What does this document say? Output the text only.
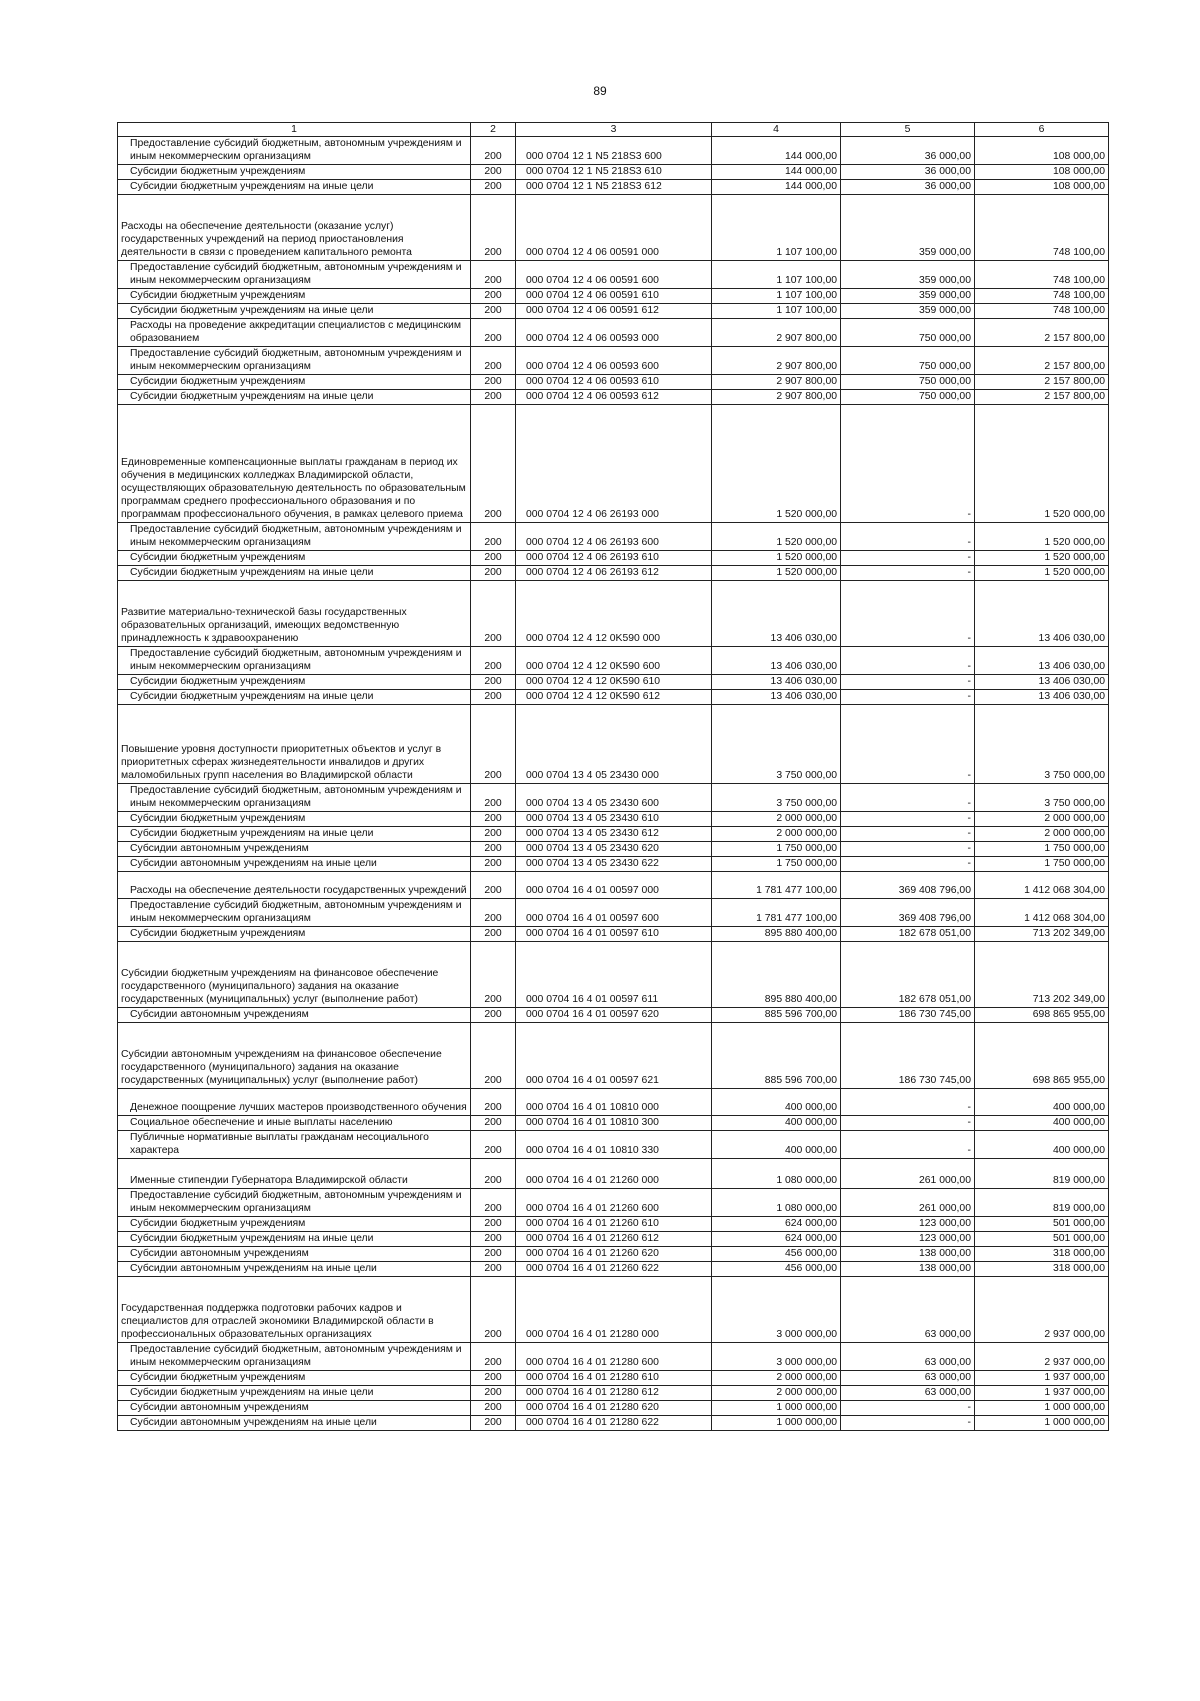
89
1	2	3	4	5	6
Предоставление субсидий бюджетным, автономным учреждениям и иным некоммерческим организациям	200	000 0704 12 1 N5 218S3 600	144 000,00	36 000,00	108 000,00
Субсидии бюджетным учреждениям	200	000 0704 12 1 N5 218S3 610	144 000,00	36 000,00	108 000,00
Субсидии бюджетным учреждениям на иные цели	200	000 0704 12 1 N5 218S3 612	144 000,00	36 000,00	108 000,00
Расходы на обеспечение деятельности (оказание услуг) государственных учреждений на период приостановления деятельности в связи с проведением капитального ремонта	200	000 0704 12 4 06 00591 000	1 107 100,00	359 000,00	748 100,00
Предоставление субсидий бюджетным, автономным учреждениям и иным некоммерческим организациям	200	000 0704 12 4 06 00591 600	1 107 100,00	359 000,00	748 100,00
Субсидии бюджетным учреждениям	200	000 0704 12 4 06 00591 610	1 107 100,00	359 000,00	748 100,00
Субсидии бюджетным учреждениям на иные цели	200	000 0704 12 4 06 00591 612	1 107 100,00	359 000,00	748 100,00
Расходы на проведение аккредитации специалистов с медицинским образованием	200	000 0704 12 4 06 00593 000	2 907 800,00	750 000,00	2 157 800,00
Предоставление субсидий бюджетным, автономным учреждениям и иным некоммерческим организациям	200	000 0704 12 4 06 00593 600	2 907 800,00	750 000,00	2 157 800,00
Субсидии бюджетным учреждениям	200	000 0704 12 4 06 00593 610	2 907 800,00	750 000,00	2 157 800,00
Субсидии бюджетным учреждениям на иные цели	200	000 0704 12 4 06 00593 612	2 907 800,00	750 000,00	2 157 800,00
Единовременные компенсационные выплаты гражданам в период их обучения в медицинских колледжах Владимирской области, осуществляющих образовательную деятельность по образовательным программам среднего профессионального образования и по программам профессионального обучения, в рамках целевого приема	200	000 0704 12 4 06 26193 000	1 520 000,00	-	1 520 000,00
Предоставление субсидий бюджетным, автономным учреждениям и иным некоммерческим организациям	200	000 0704 12 4 06 26193 600	1 520 000,00	-	1 520 000,00
Субсидии бюджетным учреждениям	200	000 0704 12 4 06 26193 610	1 520 000,00	-	1 520 000,00
Субсидии бюджетным учреждениям на иные цели	200	000 0704 12 4 06 26193 612	1 520 000,00	-	1 520 000,00
Развитие материально-технической базы государственных образовательных организаций, имеющих ведомственную принадлежность к здравоохранению	200	000 0704 12 4 12 0K590 000	13 406 030,00	-	13 406 030,00
Предоставление субсидий бюджетным, автономным учреждениям и иным некоммерческим организациям	200	000 0704 12 4 12 0K590 600	13 406 030,00	-	13 406 030,00
Субсидии бюджетным учреждениям	200	000 0704 12 4 12 0K590 610	13 406 030,00	-	13 406 030,00
Субсидии бюджетным учреждениям на иные цели	200	000 0704 12 4 12 0K590 612	13 406 030,00	-	13 406 030,00
Повышение уровня доступности приоритетных объектов и услуг в приоритетных сферах жизнедеятельности инвалидов и других маломобильных групп населения во Владимирской области	200	000 0704 13 4 05 23430 000	3 750 000,00	-	3 750 000,00
Предоставление субсидий бюджетным, автономным учреждениям и иным некоммерческим организациям	200	000 0704 13 4 05 23430 600	3 750 000,00	-	3 750 000,00
Субсидии бюджетным учреждениям	200	000 0704 13 4 05 23430 610	2 000 000,00	-	2 000 000,00
Субсидии бюджетным учреждениям на иные цели	200	000 0704 13 4 05 23430 612	2 000 000,00	-	2 000 000,00
Субсидии автономным учреждениям	200	000 0704 13 4 05 23430 620	1 750 000,00	-	1 750 000,00
Субсидии автономным учреждениям на иные цели	200	000 0704 13 4 05 23430 622	1 750 000,00	-	1 750 000,00
Расходы на обеспечение деятельности государственных учреждений	200	000 0704 16 4 01 00597 000	1 781 477 100,00	369 408 796,00	1 412 068 304,00
Предоставление субсидий бюджетным, автономным учреждениям и иным некоммерческим организациям	200	000 0704 16 4 01 00597 600	1 781 477 100,00	369 408 796,00	1 412 068 304,00
Субсидии бюджетным учреждениям	200	000 0704 16 4 01 00597 610	895 880 400,00	182 678 051,00	713 202 349,00
Субсидии бюджетным учреждениям на финансовое обеспечение государственного (муниципального) задания на оказание государственных (муниципальных) услуг (выполнение работ)	200	000 0704 16 4 01 00597 611	895 880 400,00	182 678 051,00	713 202 349,00
Субсидии автономным учреждениям	200	000 0704 16 4 01 00597 620	885 596 700,00	186 730 745,00	698 865 955,00
Субсидии автономным учреждениям на финансовое обеспечение государственного (муниципального) задания на оказание государственных (муниципальных) услуг (выполнение работ)	200	000 0704 16 4 01 00597 621	885 596 700,00	186 730 745,00	698 865 955,00
Денежное поощрение лучших мастеров производственного обучения	200	000 0704 16 4 01 10810 000	400 000,00	-	400 000,00
Социальное обеспечение и иные выплаты населению	200	000 0704 16 4 01 10810 300	400 000,00	-	400 000,00
Публичные нормативные выплаты гражданам несоциального характера	200	000 0704 16 4 01 10810 330	400 000,00	-	400 000,00
Именные стипендии Губернатора Владимирской области	200	000 0704 16 4 01 21260 000	1 080 000,00	261 000,00	819 000,00
Предоставление субсидий бюджетным, автономным учреждениям и иным некоммерческим организациям	200	000 0704 16 4 01 21260 600	1 080 000,00	261 000,00	819 000,00
Субсидии бюджетным учреждениям	200	000 0704 16 4 01 21260 610	624 000,00	123 000,00	501 000,00
Субсидии бюджетным учреждениям на иные цели	200	000 0704 16 4 01 21260 612	624 000,00	123 000,00	501 000,00
Субсидии автономным учреждениям	200	000 0704 16 4 01 21260 620	456 000,00	138 000,00	318 000,00
Субсидии автономным учреждениям на иные цели	200	000 0704 16 4 01 21260 622	456 000,00	138 000,00	318 000,00
Государственная поддержка подготовки рабочих кадров и специалистов для отраслей экономики Владимирской области в профессиональных образовательных организациях	200	000 0704 16 4 01 21280 000	3 000 000,00	63 000,00	2 937 000,00
Предоставление субсидий бюджетным, автономным учреждениям и иным некоммерческим организациям	200	000 0704 16 4 01 21280 600	3 000 000,00	63 000,00	2 937 000,00
Субсидии бюджетным учреждениям	200	000 0704 16 4 01 21280 610	2 000 000,00	63 000,00	1 937 000,00
Субсидии бюджетным учреждениям на иные цели	200	000 0704 16 4 01 21280 612	2 000 000,00	63 000,00	1 937 000,00
Субсидии автономным учреждениям	200	000 0704 16 4 01 21280 620	1 000 000,00	-	1 000 000,00
Субсидии автономным учреждениям на иные цели	200	000 0704 16 4 01 21280 622	1 000 000,00	-	1 000 000,00
